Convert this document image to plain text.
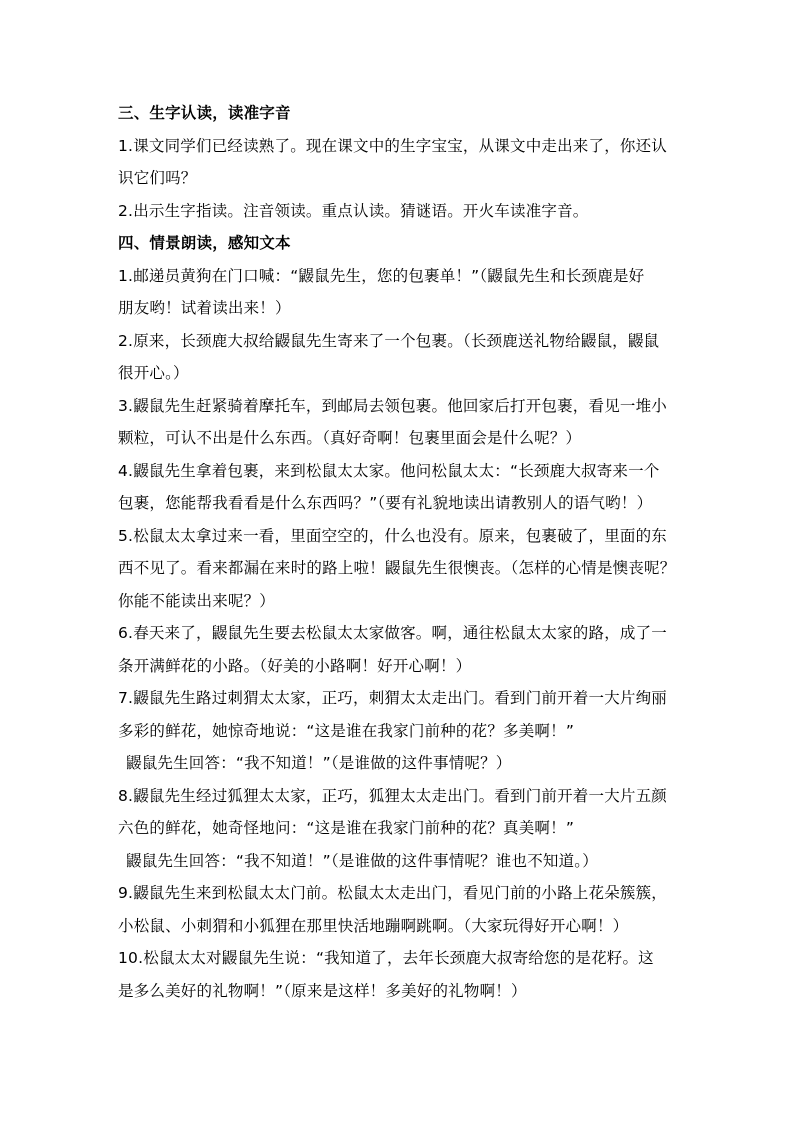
三、生字认读，读准字音
1.课文同学们已经读熟了。现在课文中的生字宝宝，从课文中走出来了，你还认
识它们吗？
2.出示生字指读。注音领读。重点认读。猜谜语。开火车读准字音。
四、情景朗读，感知文本
1.邮递员黄狗在门口喊：“鼹鼠先生，您的包裹单！”（鼹鼠先生和长颈鹿是好
朋友哟！试着读出来！）
2.原来，长颈鹿大叔给鼹鼠先生寄来了一个包裹。（长颈鹿送礼物给鼹鼠，鼹鼠
很开心。）
3.鼹鼠先生赶紧骑着摩托车，到邮局去领包裹。他回家后打开包裹，看见一堆小
颗粒，可认不出是什么东西。（真好奇啊！包裹里面会是什么呢？）
4.鼹鼠先生拿着包裹，来到松鼠太太家。他问松鼠太太：“长颈鹿大叔寄来一个
包裹，您能帮我看看是什么东西吗？”（要有礼貌地读出请教别人的语气哟！）
5.松鼠太太拿过来一看，里面空空的，什么也没有。原来，包裹破了，里面的东
西不见了。看来都漏在来时的路上啦！鼹鼠先生很懊丧。（怎样的心情是懊丧呢？
你能不能读出来呢？）
6.春天来了，鼹鼠先生要去松鼠太太家做客。啊，通往松鼠太太家的路，成了一
条开满鲜花的小路。（好美的小路啊！好开心啊！）
7.鼹鼠先生路过刺猬太太家，正巧，刺猬太太走出门。看到门前开着一大片绚丽
多彩的鲜花，她惊奇地说：“这是谁在我家门前种的花？多美啊！”
鼹鼠先生回答：“我不知道！”（是谁做的这件事情呢？）
8.鼹鼠先生经过狐狸太太家，正巧，狐狸太太走出门。看到门前开着一大片五颜
六色的鲜花，她奇怪地问：“这是谁在我家门前种的花？真美啊！”
鼹鼠先生回答：“我不知道！”（是谁做的这件事情呢？谁也不知道。）
9.鼹鼠先生来到松鼠太太门前。松鼠太太走出门，看见门前的小路上花朵簇簇，
小松鼠、小刺猬和小狐狸在那里快活地蹦啊跳啊。（大家玩得好开心啊！）
10.松鼠太太对鼹鼠先生说：“我知道了，去年长颈鹿大叔寄给您的是花籽。这
是多么美好的礼物啊！”（原来是这样！多美好的礼物啊！）
